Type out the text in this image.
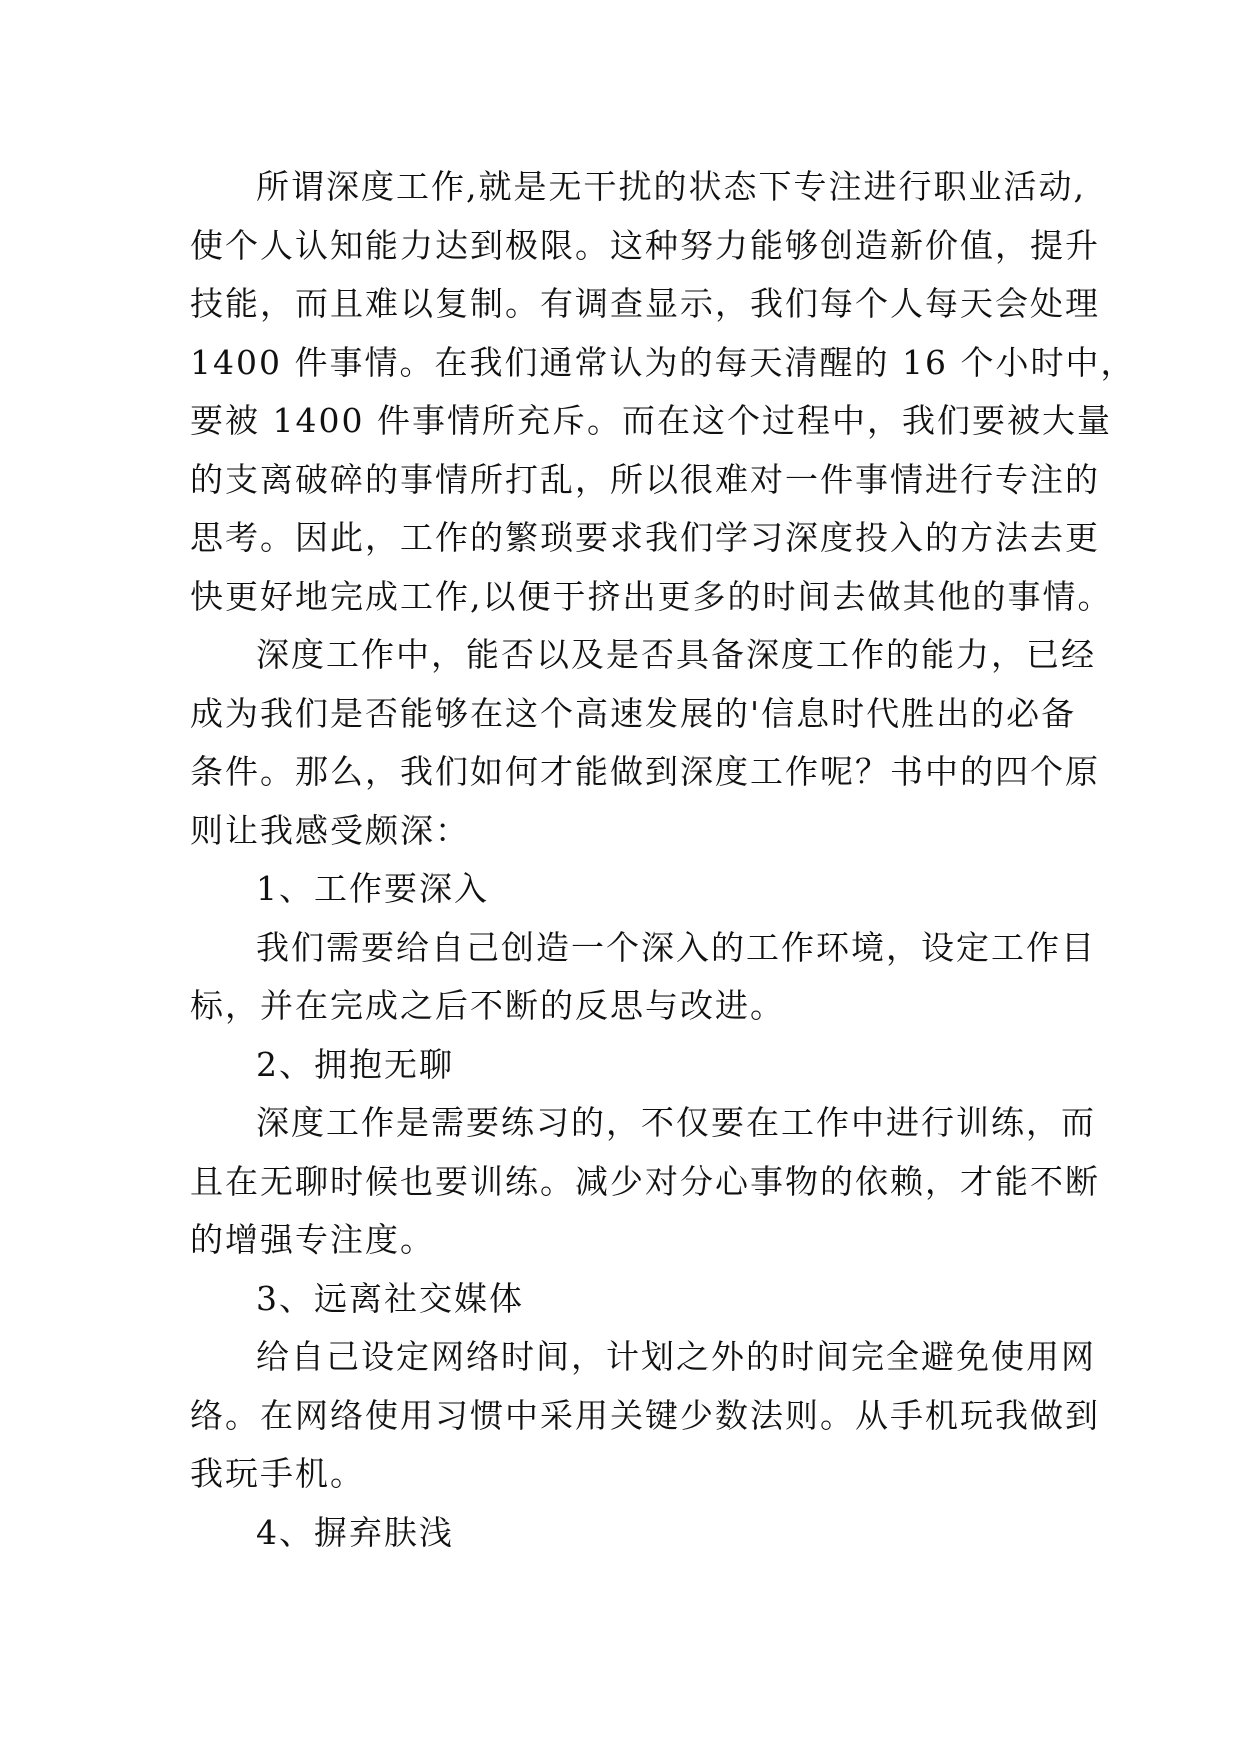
所谓深度工作,就是无干扰的状态下专注进行职业活动,
使个人认知能力达到极限。这种努力能够创造新价值，提升
技能，而且难以复制。有调查显示，我们每个人每天会处理
1400 件事情。在我们通常认为的每天清醒的 16 个小时中，
要被 1400 件事情所充斥。而在这个过程中，我们要被大量
的支离破碎的事情所打乱，所以很难对一件事情进行专注的
思考。因此，工作的繁琐要求我们学习深度投入的方法去更
快更好地完成工作,以便于挤出更多的时间去做其他的事情。

深度工作中，能否以及是否具备深度工作的能力，已经
成为我们是否能够在这个高速发展的'信息时代胜出的必备
条件。那么，我们如何才能做到深度工作呢？书中的四个原
则让我感受颇深：

1、工作要深入

我们需要给自己创造一个深入的工作环境，设定工作目
标，并在完成之后不断的反思与改进。

2、拥抱无聊

深度工作是需要练习的，不仅要在工作中进行训练，而
且在无聊时候也要训练。减少对分心事物的依赖，才能不断
的增强专注度。

3、远离社交媒体

给自己设定网络时间，计划之外的时间完全避免使用网
络。在网络使用习惯中采用关键少数法则。从手机玩我做到
我玩手机。

4、摒弃肤浅
